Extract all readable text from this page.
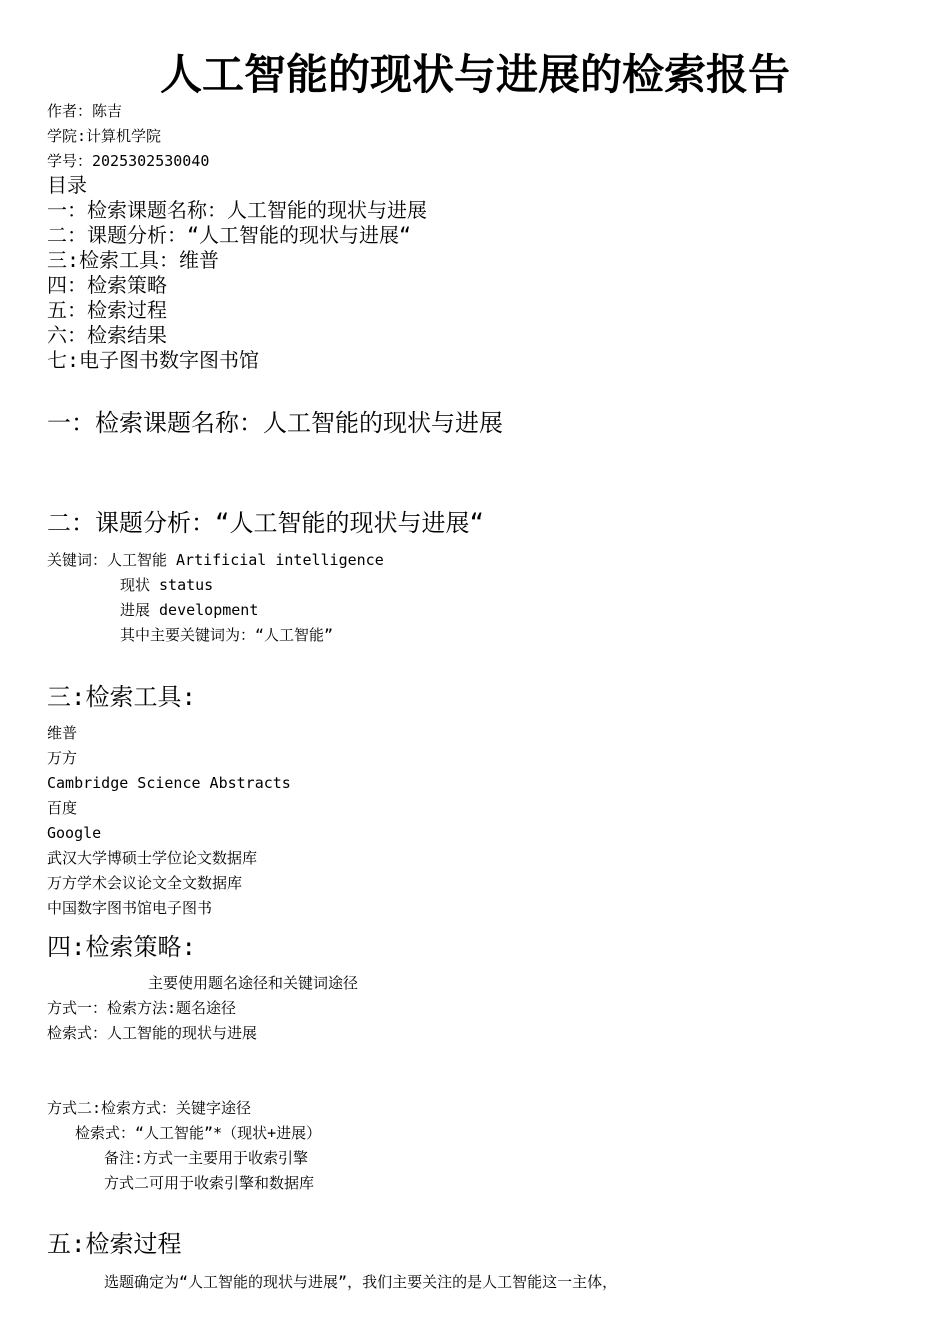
人工智能的现状与进展的检索报告
作者：陈吉
学院:计算机学院
学号：2025302530040
目录
一：检索课题名称：人工智能的现状与进展
二：课题分析：“人工智能的现状与进展“
三:检索工具：维普
四：检索策略
五：检索过程
六：检索结果
七:电子图书数字图书馆
一：检索课题名称：人工智能的现状与进展
二：课题分析：“人工智能的现状与进展“
关键词：人工智能 Artificial intelligence
现状 status
进展 development
其中主要关键词为：“人工智能”
三:检索工具:
维普
万方
Cambridge Science Abstracts
百度
Google
武汉大学博硕士学位论文数据库
万方学术会议论文全文数据库
中国数字图书馆电子图书
四:检索策略:
主要使用题名途径和关键词途径
方式一：检索方法:题名途径
检索式：人工智能的现状与进展
方式二:检索方式：关键字途径
检索式：“人工智能”*（现状+进展）
备注:方式一主要用于收索引擎
方式二可用于收索引擎和数据库
五:检索过程
选题确定为“人工智能的现状与进展”，我们主要关注的是人工智能这一主体，
